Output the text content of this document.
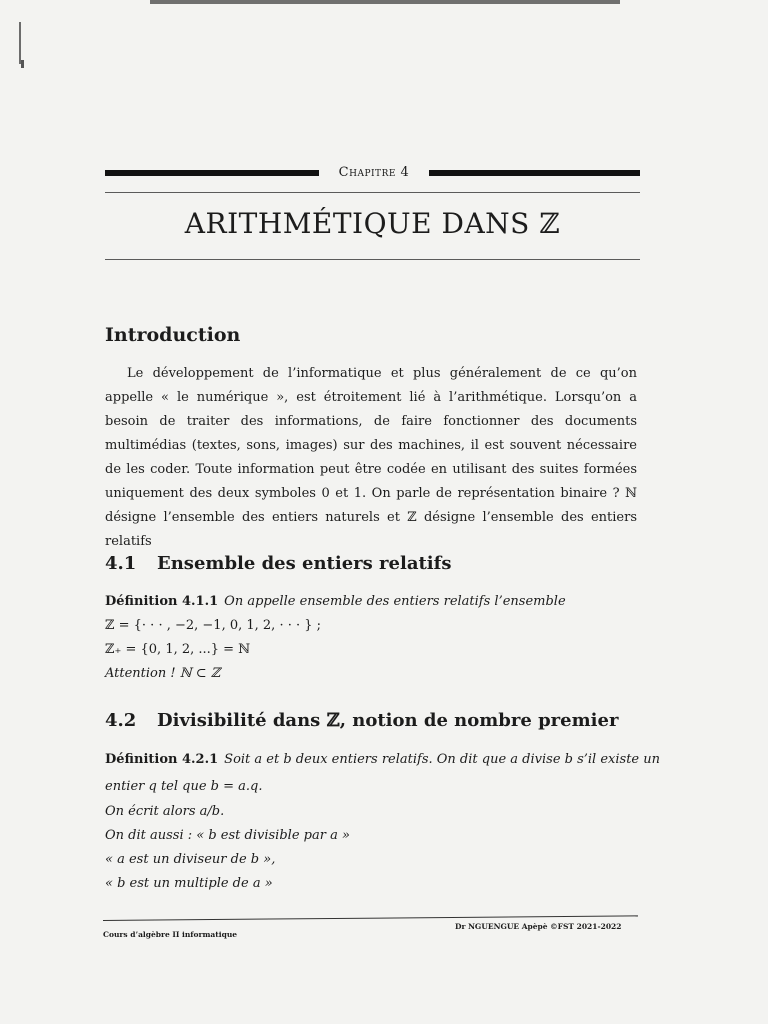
Chapitre 4
ARITHMÉTIQUE DANS ℤ
Introduction

Le développement de l’informatique et plus généralement de ce qu’on appelle « le numérique », est étroitement lié à l’arithmétique. Lorsqu’on a besoin de traiter des informations, de faire fonctionner des documents multimédias (textes, sons, images) sur des machines, il est souvent nécessaire de les coder. Toute information peut être codée en utilisant des suites formées uniquement des deux symboles 0 et 1. On parle de représentation binaire ? ℕ désigne l’ensemble des entiers naturels et ℤ désigne l’ensemble des entiers relatifs

4.1 Ensemble des entiers relatifs
Définition 4.1.1 On appelle ensemble des entiers relatifs l’ensemble
ℤ = {· · · , −2, −1, 0, 1, 2, · · · } ;
ℤ₊ = {0, 1, 2, ...} = ℕ
Attention ! ℕ ⊂ ℤ
4.2 Divisibilité dans ℤ, notion de nombre premier
Définition 4.2.1 Soit a et b deux entiers relatifs. On dit que a divise b s’il existe un
entier q tel que b = a.q.
On écrit alors a/b.
On dit aussi : « b est divisible par a »
« a est un diviseur de b »,
« b est un multiple de a »
Cours d’algèbre II informatique
Dr NGUENGUE Apèpè ©FST 2021-2022
